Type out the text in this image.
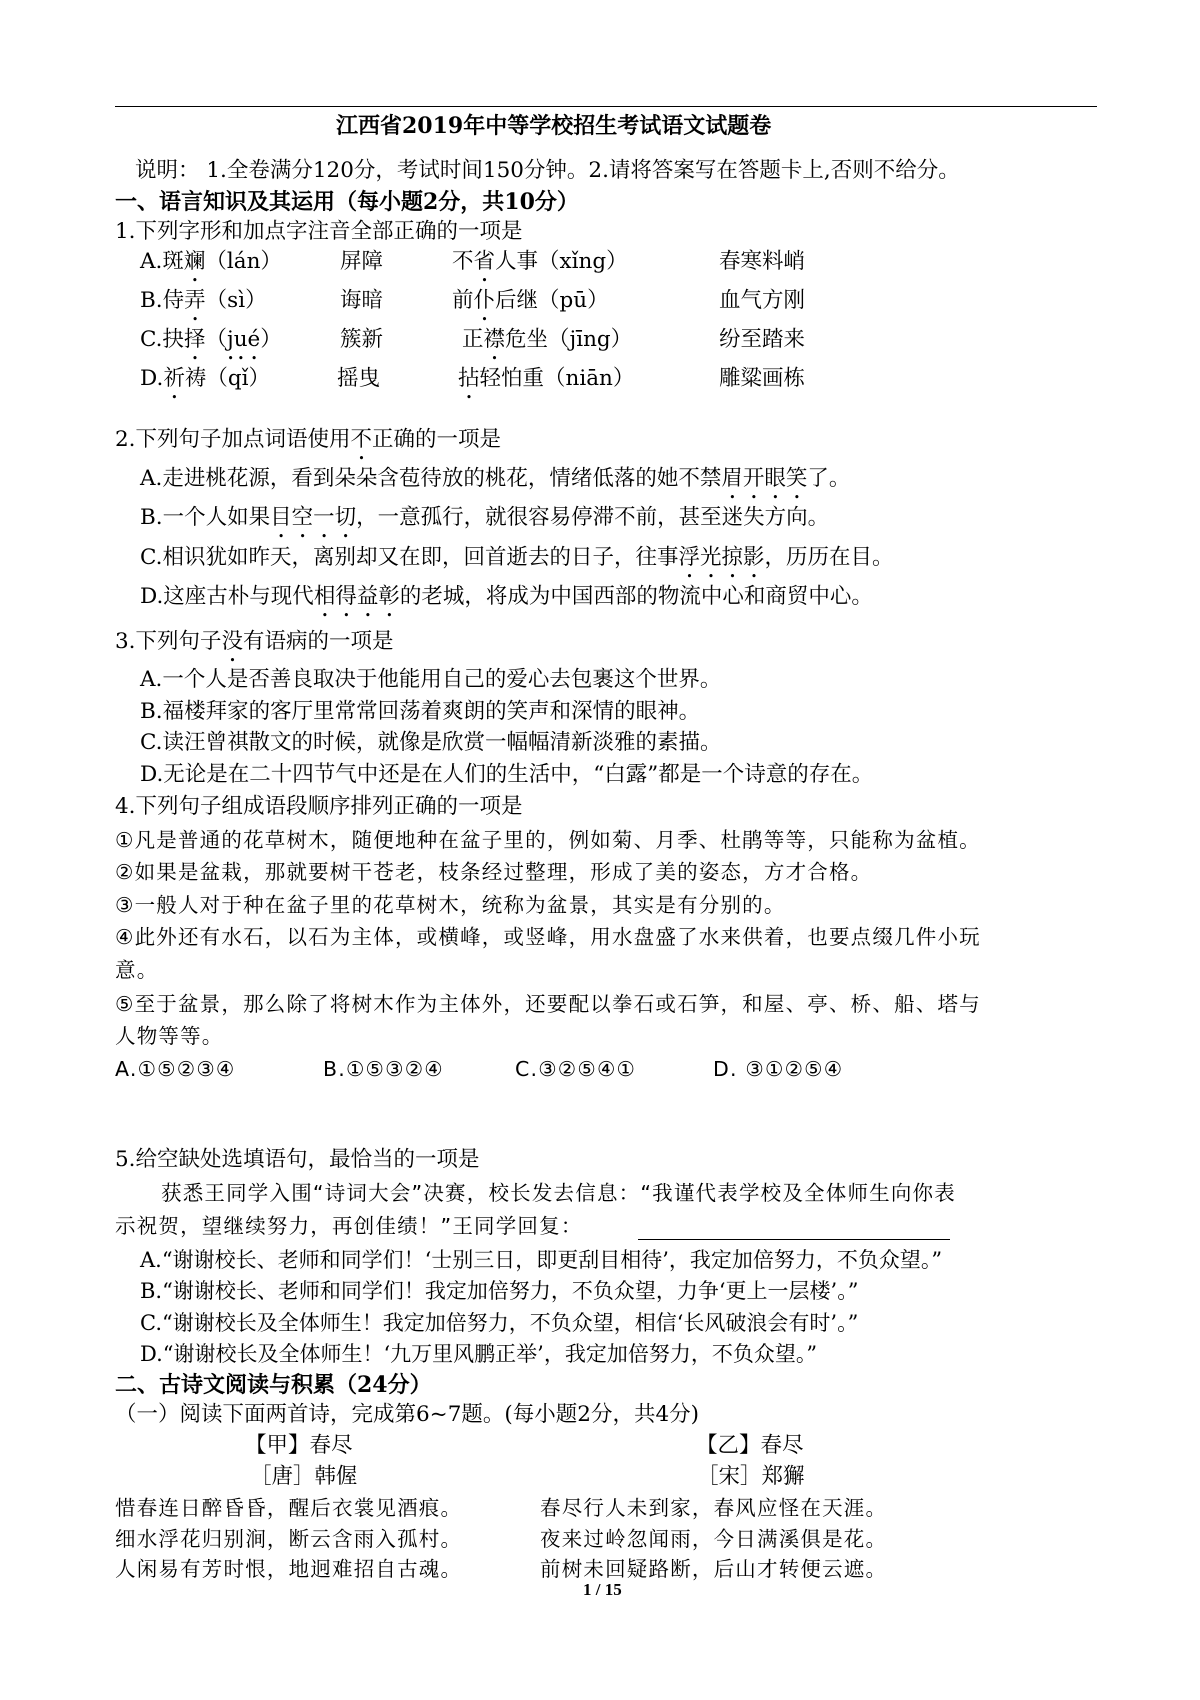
江西省2019年中等学校招生考试语文试题卷
说明： 1.全卷满分120分，考试时间150分钟。2.请将答案写在答题卡上,否则不给分。
一、语言知识及其运用（每小题2分，共10分）
1.下列字形和加点字注音全部正确的一项是
A.斑斓（lán）	屏障	不省人事（xǐng）	春寒料峭
B.侍弄（sì）	诲暗	前仆后继（pū）	血气方刚
C.抉择（jué）	簇新	正襟危坐（jīng）	纷至踏来
D.祈祷（qǐ）	摇曳	拈轻怕重（niān）	雕粱画栋
2.下列句子加点词语使用不正确的一项是
A.走进桃花源，看到朵朵含苞待放的桃花，情绪低落的她不禁眉开眼笑了。
B.一个人如果目空一切，一意孤行，就很容易停滞不前，甚至迷失方向。
C.相识犹如昨天，离别却又在即，回首逝去的日子，往事浮光掠影，历历在目。
D.这座古朴与现代相得益彰的老城，将成为中国西部的物流中心和商贸中心。
3.下列句子没有语病的一项是
A.一个人是否善良取决于他能用自己的爱心去包裹这个世界。
B.福楼拜家的客厅里常常回荡着爽朗的笑声和深情的眼神。
C.读汪曾祺散文的时候，就像是欣赏一幅幅清新淡雅的素描。
D.无论是在二十四节气中还是在人们的生活中，“白露”都是一个诗意的存在。
4.下列句子组成语段顺序排列正确的一项是
①凡是普通的花草树木，随便地种在盆子里的，例如菊、月季、杜鹃等等，只能称为盆植。
②如果是盆栽，那就要树干苍老，枝条经过整理，形成了美的姿态，方才合格。
③一般人对于种在盆子里的花草树木，统称为盆景，其实是有分别的。
④此外还有水石，以石为主体，或横峰，或竖峰，用水盘盛了水来供着，也要点缀几件小玩
意。
⑤至于盆景，那么除了将树木作为主体外，还要配以拳石或石笋，和屋、亭、桥、船、塔与
人物等等。
A.①⑤②③④	B.①⑤③②④	C.③②⑤④①	D. ③①②⑤④
5.给空缺处选填语句，最恰当的一项是
获悉王同学入围“诗词大会”决赛，校长发去信息：“我谨代表学校及全体师生向你表
示祝贺，望继续努力，再创佳绩！”王同学回复：
A.“谢谢校长、老师和同学们！‘士别三日，即更刮目相待’，我定加倍努力，不负众望。”
B.“谢谢校长、老师和同学们！我定加倍努力，不负众望，力争‘更上一层楼’。”
C.“谢谢校长及全体师生！我定加倍努力，不负众望，相信‘长风破浪会有时’。”
D.“谢谢校长及全体师生！‘九万里风鹏正举’，我定加倍努力，不负众望。”
二、古诗文阅读与积累（24分）
（一）阅读下面两首诗，完成第6~7题。(每小题2分，共4分)
【甲】春尽	【乙】春尽
［唐］韩偓	［宋］郑獬
惜春连日醉昏昏，醒后衣裳见酒痕。	春尽行人未到家，春风应怪在天涯。
细水浮花归别涧，断云含雨入孤村。	夜来过岭忽闻雨，今日满溪俱是花。
人闲易有芳时恨，地迥难招自古魂。	前树未回疑路断，后山才转便云遮。
1 / 15
